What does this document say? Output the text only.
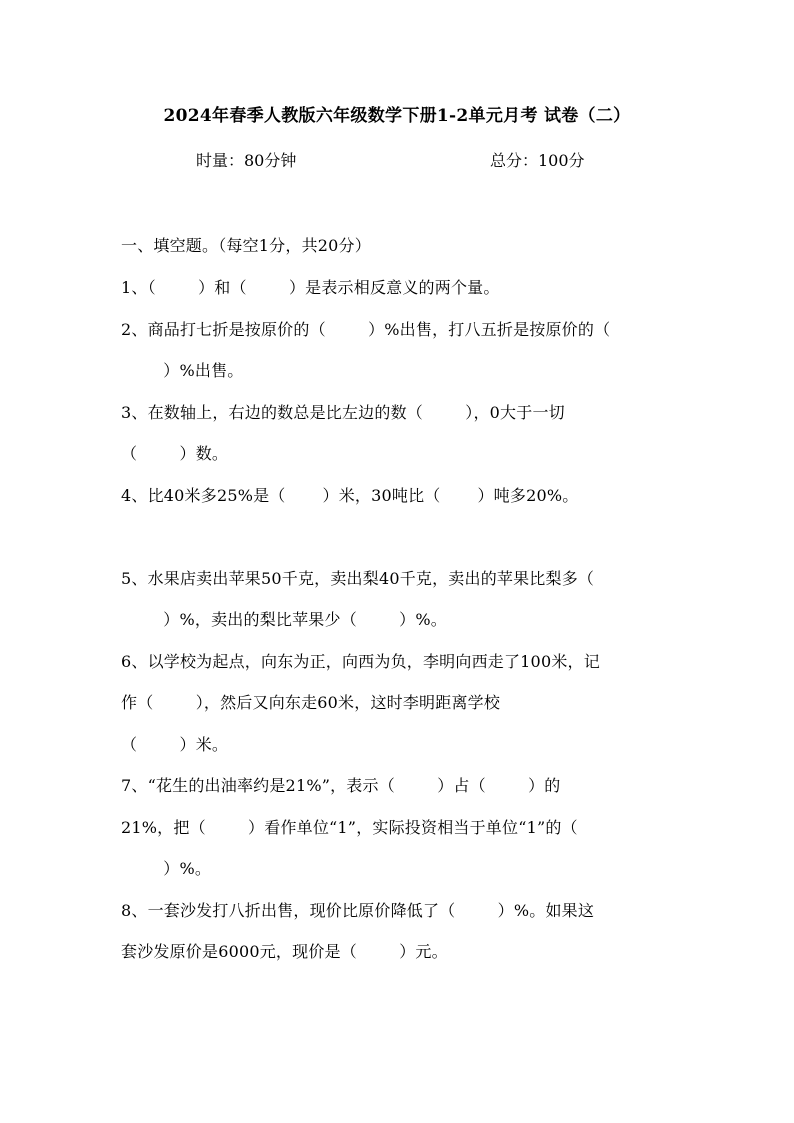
2024年春季人教版六年级数学下册1-2单元月考 试卷（二）
时量：80分钟	总分：100分
一、填空题。（每空1分，共20分）
1、（        ）和（        ）是表示相反意义的两个量。
2、商品打七折是按原价的（        ）%出售，打八五折是按原价的（
）%出售。
3、在数轴上，右边的数总是比左边的数（        ），0大于一切
（        ）数。
4、比40米多25%是（       ）米，30吨比（       ）吨多20%。
5、水果店卖出苹果50千克，卖出梨40千克，卖出的苹果比梨多（
）%，卖出的梨比苹果少（        ）%。
6、以学校为起点，向东为正，向西为负，李明向西走了100米，记
作（        ），然后又向东走60米，这时李明距离学校
（        ）米。
7、“花生的出油率约是21%”，表示（        ）占（        ）的
21%，把（        ）看作单位“1”，实际投资相当于单位“1”的（
）%。
8、一套沙发打八折出售，现价比原价降低了（        ）%。如果这
套沙发原价是6000元，现价是（        ）元。
